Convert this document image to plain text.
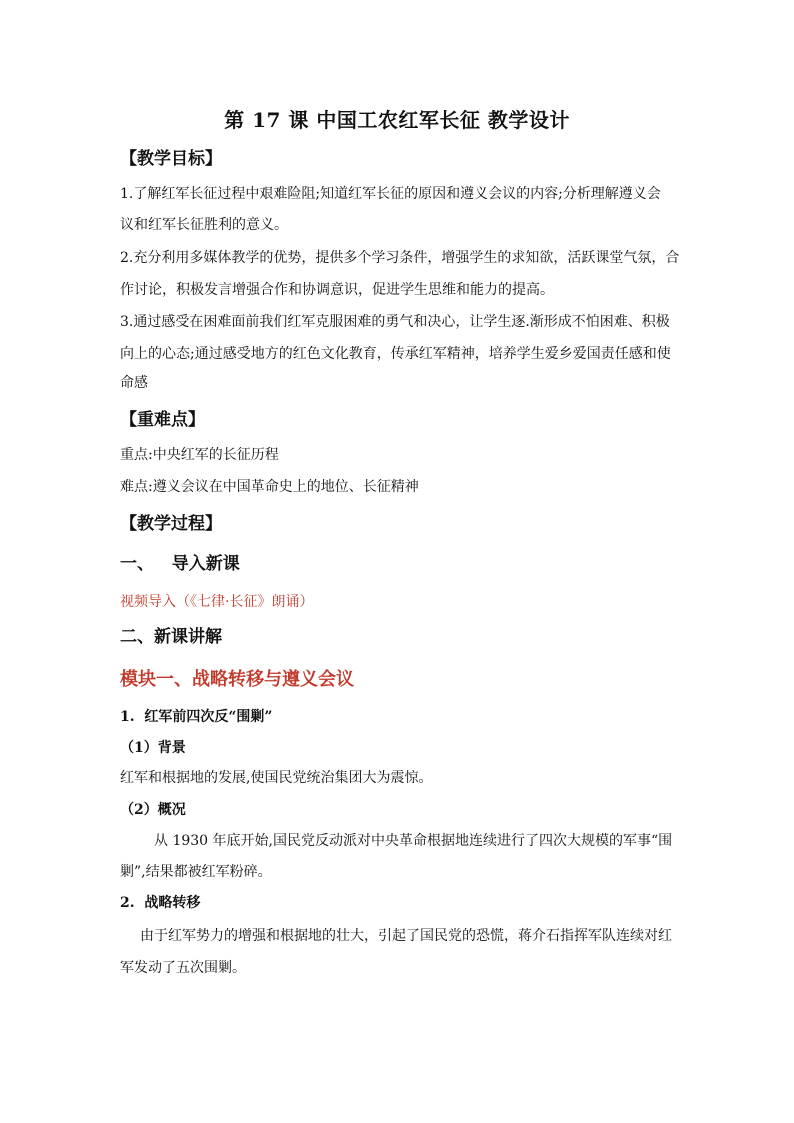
第 17 课 中国工农红军长征 教学设计
【教学目标】
1.了解红军长征过程中艰难险阻;知道红军长征的原因和遵义会议的内容;分析理解遵义会
议和红军长征胜利的意义。
2.充分利用多媒体教学的优势，提供多个学习条件，增强学生的求知欲，活跃课堂气氛，合
作讨论，积极发言增强合作和协调意识，促进学生思维和能力的提高。
3.通过感受在困难面前我们红军克服困难的勇气和决心，让学生逐.渐形成不怕困难、积极
向上的心态;通过感受地方的红色文化教育，传承红军精神，培养学生爱乡爱国责任感和使
命感
【重难点】
重点:中央红军的长征历程
难点:遵义会议在中国革命史上的地位、长征精神
【教学过程】
一、   导入新课
视频导入（《七律·长征》朗诵）
二、新课讲解
模块一、战略转移与遵义会议
1.  红军前四次反“围剿”
（1）背景
红军和根据地的发展,使国民党统治集团大为震惊。
（2）概况
从 1930 年底开始,国民党反动派对中央革命根据地连续进行了四次大规模的军事“围
剿”,结果都被红军粉碎。
2.  战略转移
由于红军势力的增强和根据地的壮大，引起了国民党的恐慌，蒋介石指挥军队连续对红
军发动了五次围剿。
